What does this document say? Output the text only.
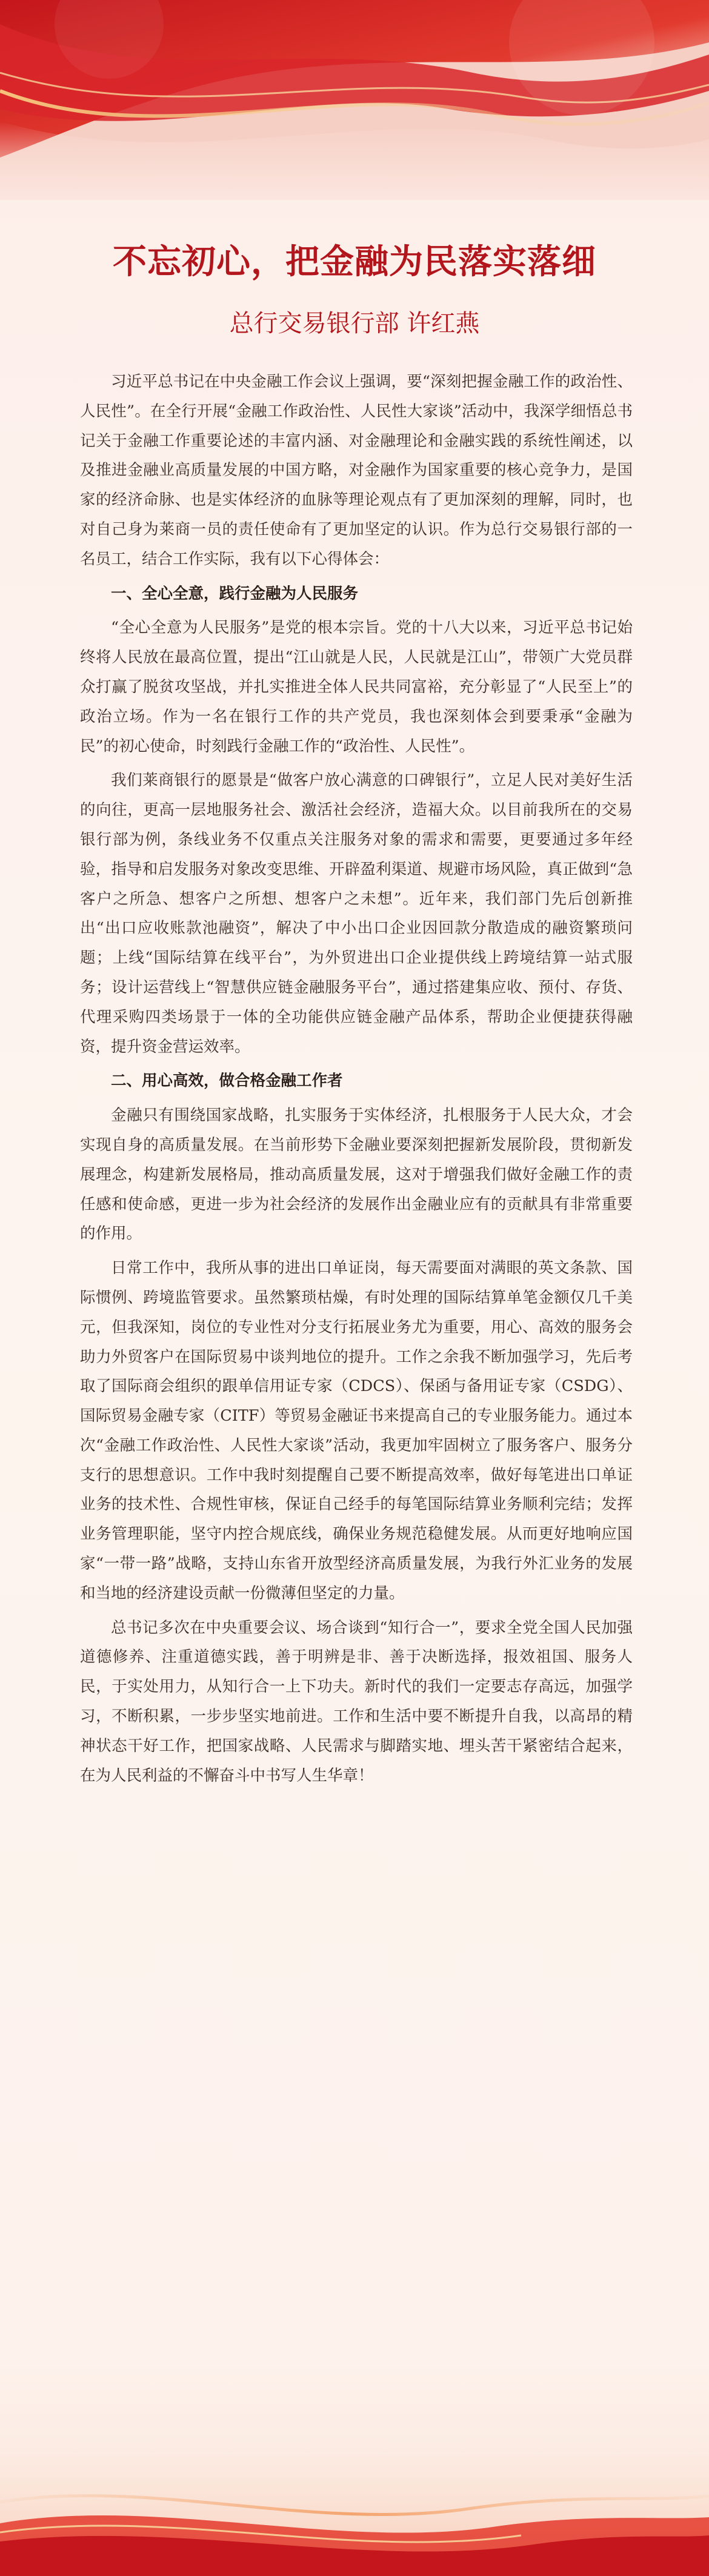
不忘初心，把金融为民落实落细
总行交易银行部 许红燕

习近平总书记在中央金融工作会议上强调，要“深刻把握金融工作的政治性、人民性”。在全行开展“金融工作政治性、人民性大家谈”活动中，我深学细悟总书记关于金融工作重要论述的丰富内涵、对金融理论和金融实践的系统性阐述，以及推进金融业高质量发展的中国方略，对金融作为国家重要的核心竞争力，是国家的经济命脉、也是实体经济的血脉等理论观点有了更加深刻的理解，同时，也对自己身为莱商一员的责任使命有了更加坚定的认识。作为总行交易银行部的一名员工，结合工作实际，我有以下心得体会：

一、全心全意，践行金融为人民服务

“全心全意为人民服务”是党的根本宗旨。党的十八大以来，习近平总书记始终将人民放在最高位置，提出“江山就是人民，人民就是江山”，带领广大党员群众打赢了脱贫攻坚战，并扎实推进全体人民共同富裕，充分彰显了“人民至上”的政治立场。作为一名在银行工作的共产党员，我也深刻体会到要秉承“金融为民”的初心使命，时刻践行金融工作的“政治性、人民性”。

我们莱商银行的愿景是“做客户放心满意的口碑银行”，立足人民对美好生活的向往，更高一层地服务社会、激活社会经济，造福大众。以目前我所在的交易银行部为例，条线业务不仅重点关注服务对象的需求和需要，更要通过多年经验，指导和启发服务对象改变思维、开辟盈利渠道、规避市场风险，真正做到“急客户之所急、想客户之所想、想客户之未想”。近年来，我们部门先后创新推出“出口应收账款池融资”，解决了中小出口企业因回款分散造成的融资繁琐问题；上线“国际结算在线平台”，为外贸进出口企业提供线上跨境结算一站式服务；设计运营线上“智慧供应链金融服务平台”，通过搭建集应收、预付、存货、代理采购四类场景于一体的全功能供应链金融产品体系，帮助企业便捷获得融资，提升资金营运效率。

二、用心高效，做合格金融工作者

金融只有围绕国家战略，扎实服务于实体经济，扎根服务于人民大众，才会实现自身的高质量发展。在当前形势下金融业要深刻把握新发展阶段，贯彻新发展理念，构建新发展格局，推动高质量发展，这对于增强我们做好金融工作的责任感和使命感，更进一步为社会经济的发展作出金融业应有的贡献具有非常重要的作用。

日常工作中，我所从事的进出口单证岗，每天需要面对满眼的英文条款、国际惯例、跨境监管要求。虽然繁琐枯燥，有时处理的国际结算单笔金额仅几千美元，但我深知，岗位的专业性对分支行拓展业务尤为重要，用心、高效的服务会助力外贸客户在国际贸易中谈判地位的提升。工作之余我不断加强学习，先后考取了国际商会组织的跟单信用证专家（CDCS）、保函与备用证专家（CSDG）、国际贸易金融专家（CITF）等贸易金融证书来提高自己的专业服务能力。通过本次“金融工作政治性、人民性大家谈”活动，我更加牢固树立了服务客户、服务分支行的思想意识。工作中我时刻提醒自己要不断提高效率，做好每笔进出口单证业务的技术性、合规性审核，保证自己经手的每笔国际结算业务顺利完结；发挥业务管理职能，坚守内控合规底线，确保业务规范稳健发展。从而更好地响应国家“一带一路”战略，支持山东省开放型经济高质量发展，为我行外汇业务的发展和当地的经济建设贡献一份微薄但坚定的力量。

总书记多次在中央重要会议、场合谈到“知行合一”，要求全党全国人民加强道德修养、注重道德实践，善于明辨是非、善于决断选择，报效祖国、服务人民，于实处用力，从知行合一上下功夫。新时代的我们一定要志存高远，加强学习，不断积累，一步步坚实地前进。工作和生活中要不断提升自我，以高昂的精神状态干好工作，把国家战略、人民需求与脚踏实地、埋头苦干紧密结合起来，在为人民利益的不懈奋斗中书写人生华章！
